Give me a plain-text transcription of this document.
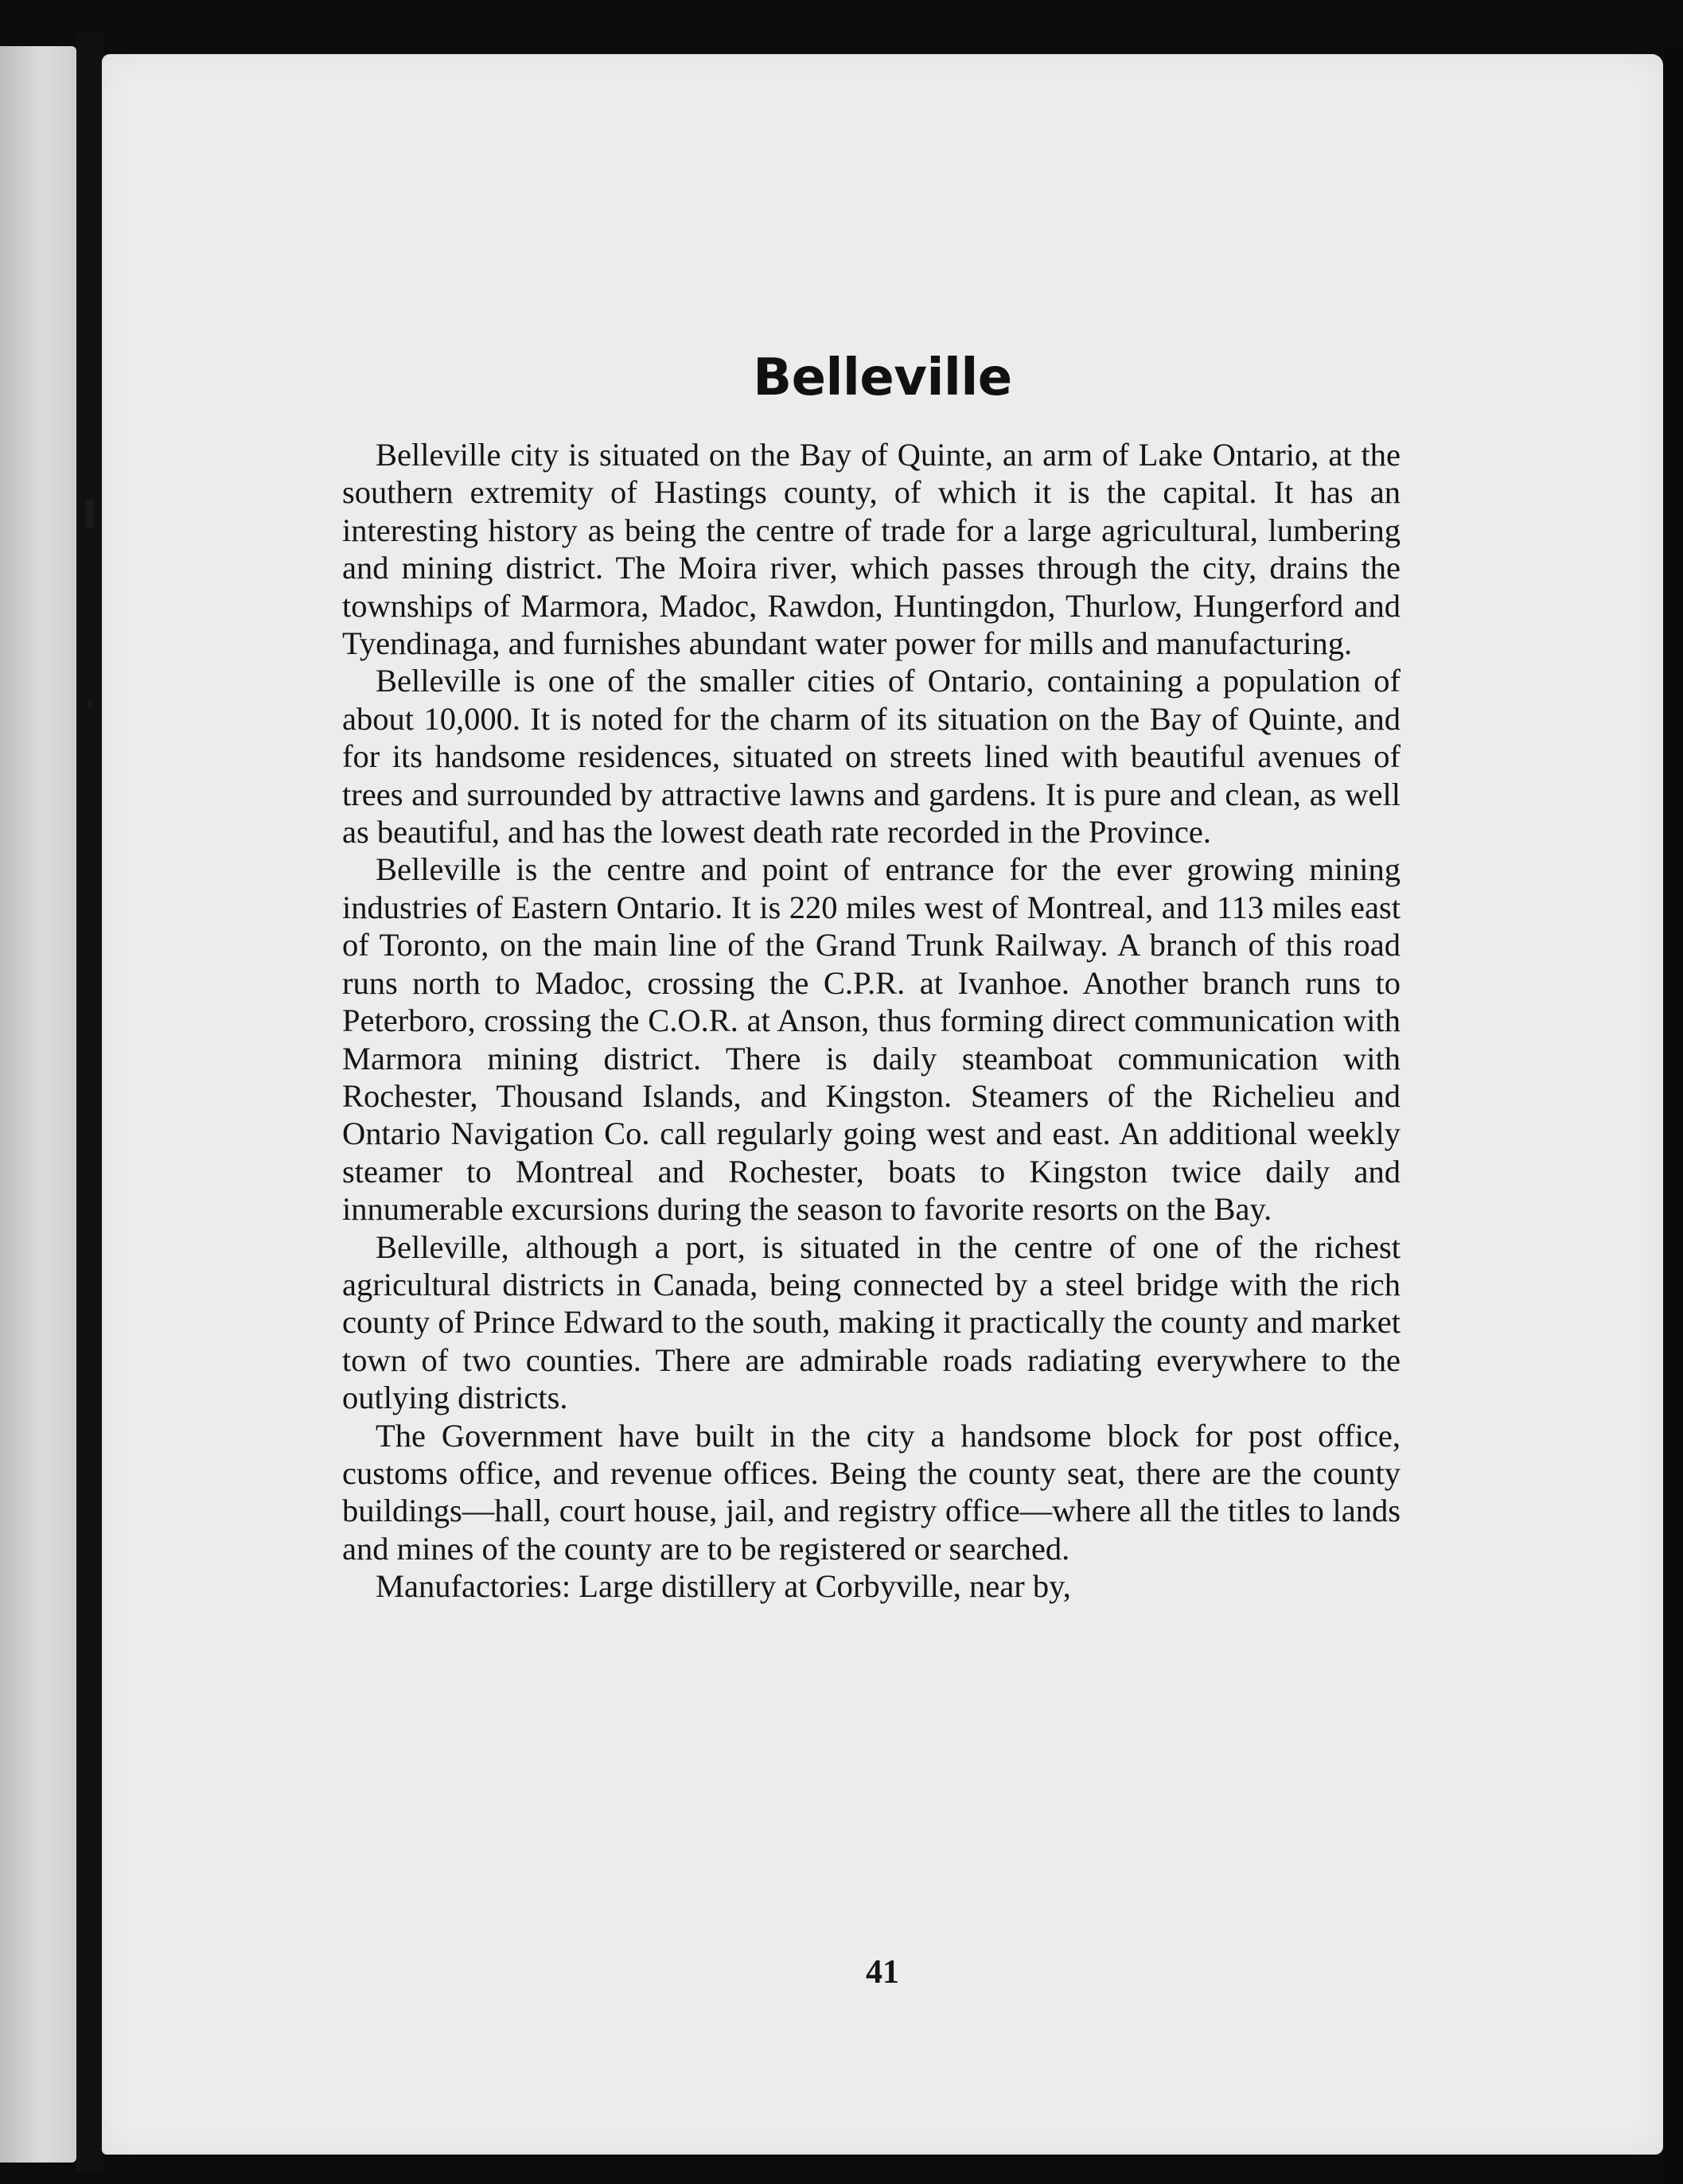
Belleville

Belleville city is situated on the Bay of Quinte, an arm of Lake Ontario, at the southern extremity of Hastings county, of which it is the capital. It has an interesting history as being the centre of trade for a large agricultural, lumbering and mining district. The Moira river, which passes through the city, drains the townships of Marmora, Madoc, Rawdon, Huntingdon, Thurlow, Hungerford and Tyendinaga, and furnishes abundant water power for mills and manufacturing.

Belleville is one of the smaller cities of Ontario, containing a population of about 10,000. It is noted for the charm of its situation on the Bay of Quinte, and for its handsome residences, situated on streets lined with beautiful avenues of trees and surrounded by attractive lawns and gardens. It is pure and clean, as well as beautiful, and has the lowest death rate recorded in the Province.

Belleville is the centre and point of entrance for the ever growing mining industries of Eastern Ontario. It is 220 miles west of Montreal, and 113 miles east of Toronto, on the main line of the Grand Trunk Railway. A branch of this road runs north to Madoc, crossing the C.P.R. at Ivanhoe. Another branch runs to Peterboro, crossing the C.O.R. at Anson, thus forming direct communication with Marmora mining district. There is daily steamboat communication with Rochester, Thousand Islands, and Kingston. Steamers of the Richelieu and Ontario Navigation Co. call regularly going west and east. An additional weekly steamer to Montreal and Rochester, boats to Kingston twice daily and innumerable excursions during the season to favorite resorts on the Bay.

Belleville, although a port, is situated in the centre of one of the richest agricultural districts in Canada, being connected by a steel bridge with the rich county of Prince Edward to the south, making it practically the county and market town of two counties. There are admirable roads radiating everywhere to the outlying districts.

The Government have built in the city a handsome block for post office, customs office, and revenue offices. Being the county seat, there are the county buildings—hall, court house, jail, and registry office—where all the titles to lands and mines of the county are to be registered or searched.

Manufactories: Large distillery at Corbyville, near by,

41
